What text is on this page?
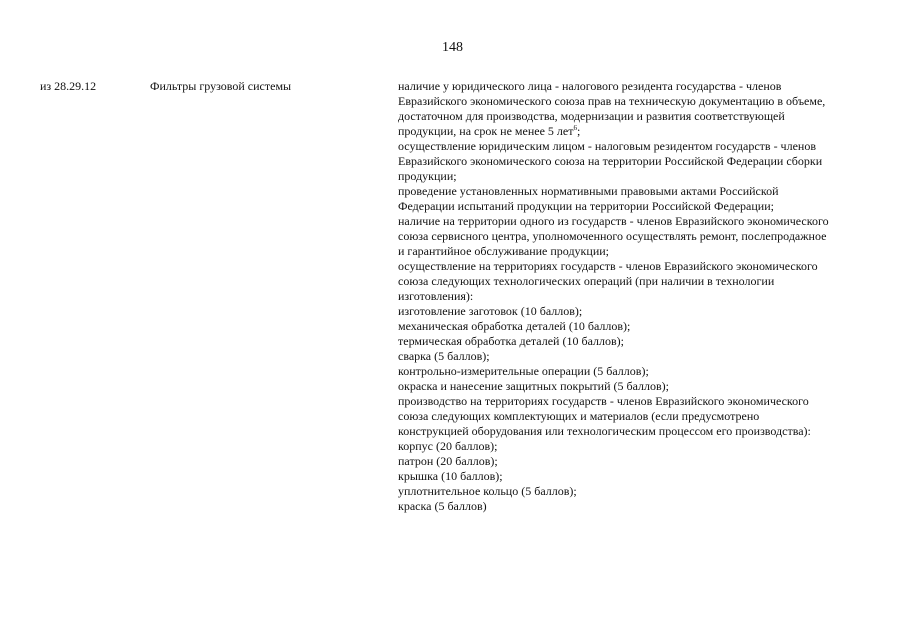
148
из 28.29.12	Фильтры грузовой системы	наличие у юридического лица - налогового резидента государства - членов
Евразийского экономического союза прав на техническую документацию в объеме,
достаточном для производства, модернизации и развития соответствующей
продукции, на срок не менее 5 лет$^6$;
осуществление юридическим лицом - налоговым резидентом государств - членов
Евразийского экономического союза на территории Российской Федерации сборки
продукции;
проведение установленных нормативными правовыми актами Российской
Федерации испытаний продукции на территории Российской Федерации;
наличие на территории одного из государств - членов Евразийского экономического
союза сервисного центра, уполномоченного осуществлять ремонт, послепродажное
и гарантийное обслуживание продукции;
осуществление на территориях государств - членов Евразийского экономического
союза следующих технологических операций (при наличии в технологии
изготовления):
изготовление заготовок (10 баллов);
механическая обработка деталей (10 баллов);
термическая обработка деталей (10 баллов);
сварка (5 баллов);
контрольно-измерительные операции (5 баллов);
окраска и нанесение защитных покрытий (5 баллов);
производство на территориях государств - членов Евразийского экономического
союза следующих комплектующих и материалов (если предусмотрено
конструкцией оборудования или технологическим процессом его производства):
корпус (20 баллов);
патрон (20 баллов);
крышка (10 баллов);
уплотнительное кольцо (5 баллов);
краска (5 баллов)
